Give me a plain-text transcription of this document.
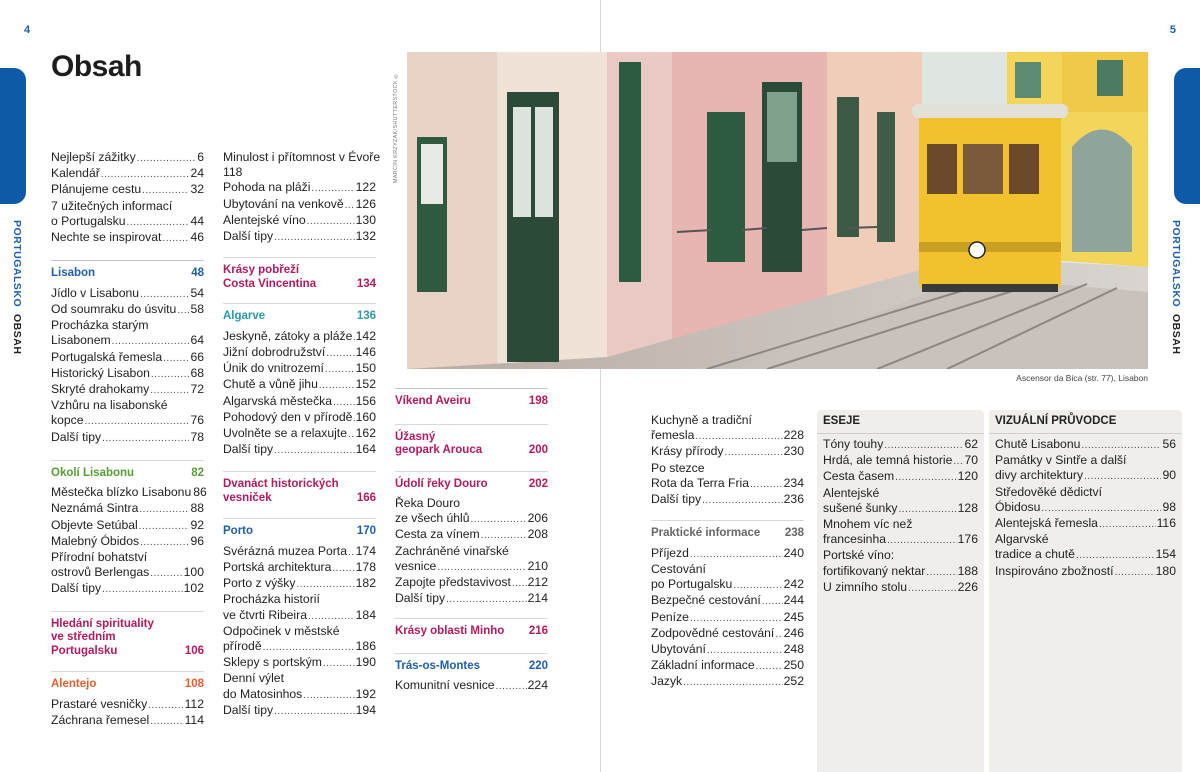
4	5
PORTUGALSKO  OBSAH
PORTUGALSKO  OBSAH
Obsah
Nejlepší zážitky .....	6
Kalendář .....	24
Plánujeme cestu .....	32
7 užitečných informací
o Portugalsku .....	44
Nechte se inspirovat ..... 46
Lisabon	48
Jídlo v Lisabonu .....	54
Od soumraku do úsvitu ..... 58
Procházka starým
Lisabonem .....	64
Portugalská řemesla ..... 66
Historický Lisabon .....	68
Skryté drahokamy .....	72
Vzhůru na lisabonské
kopce .....	76
Další tipy .....	78
Okolí Lisabonu	82
Městečka blízko Lisabonu 86
Neznámá Sintra .....	88
Objevte Setúbal .....	92
Malebný Óbidos .....	96
Přírodní bohatství
ostrovů Berlengas .....	100
Další tipy .....	102
Hledání spirituality
ve středním
Portugalsku	106
Alentejo	108
Prastaré vesničky .....	112
Záchrana řemesel .....	114
Minulost i přítomnost v Évoře
118
Pohoda na pláži .....	122
Ubytování na venkově ..... 126
Alentejské víno .....	130
Další tipy .....	132
Krásy pobřeží
Costa Vincentina	134
Algarve	136
Jeskyně, zátoky a pláže ..... 142
Jižní dobrodružství ..... 146
Únik do vnitrozemí .....	150
Chutě a vůně jihu .....	152
Algarvská městečka ..... 156
Pohodový den v přírodě ..... 160
Uvolněte se a relaxujte ..... 162
Další tipy .....	164
Dvanáct historických
vesniček	166
Porto	170
Svérázná muzea Porta ..... 174
Portská architektura ..... 178
Porto z výšky .....	182
Procházka historií
ve čtvrti Ribeira .....	184
Odpočinek v městské
přírodě .....	186
Sklepy s portským .....	190
Denní výlet
do Matosinhos .....	192
Další tipy .....	194
MARCIN KRZYZAK/SHUTTERSTOCK ©
Ascensor da Bica (str. 77), Lisabon
Víkend Aveiru	198
Úžasný
geopark Arouca	200
Údolí řeky Douro	202
Řeka Douro
ze všech úhlů .....	206
Cesta za vínem .....	208
Zachráněné vinařské
vesnice .....	210
Zapojte představivost ..... 212
Další tipy .....	214
Krásy oblasti Minho 216
Trás-os-Montes	220
Komunitní vesnice .....	224
Kuchyně a tradiční
řemesla .....	228
Krásy přírody .....	230
Po stezce
Rota da Terra Fria .....	234
Další tipy .....	236
Praktické informace 238
Příjezd .....	240
Cestování
po Portugalsku .....	242
Bezpečné cestování ..... 244
Peníze .....	245
Zodpovědné cestování ..... 246
Ubytování .....	248
Základní informace ..... 250
Jazyk .....	252
ESEJE
Tóny touhy .....	62
Hrdá, ale temná historie ..... 70
Cesta časem .....	120
Alentejské
sušené šunky .....	128
Mnohem víc než
francesinha .....	176
Portské víno:
fortifikovaný nektar .....	188
U zimního stolu .....	226
VIZUÁLNÍ PRŮVODCE
Chutě Lisabonu .....	56
Památky v Sintře a další
divy architektury .....	90
Středověké dědictví
Óbidosu .....	98
Alentejská řemesla .....	116
Algarvské
tradice a chutě .....	154
Inspirováno zbožností .....	180
